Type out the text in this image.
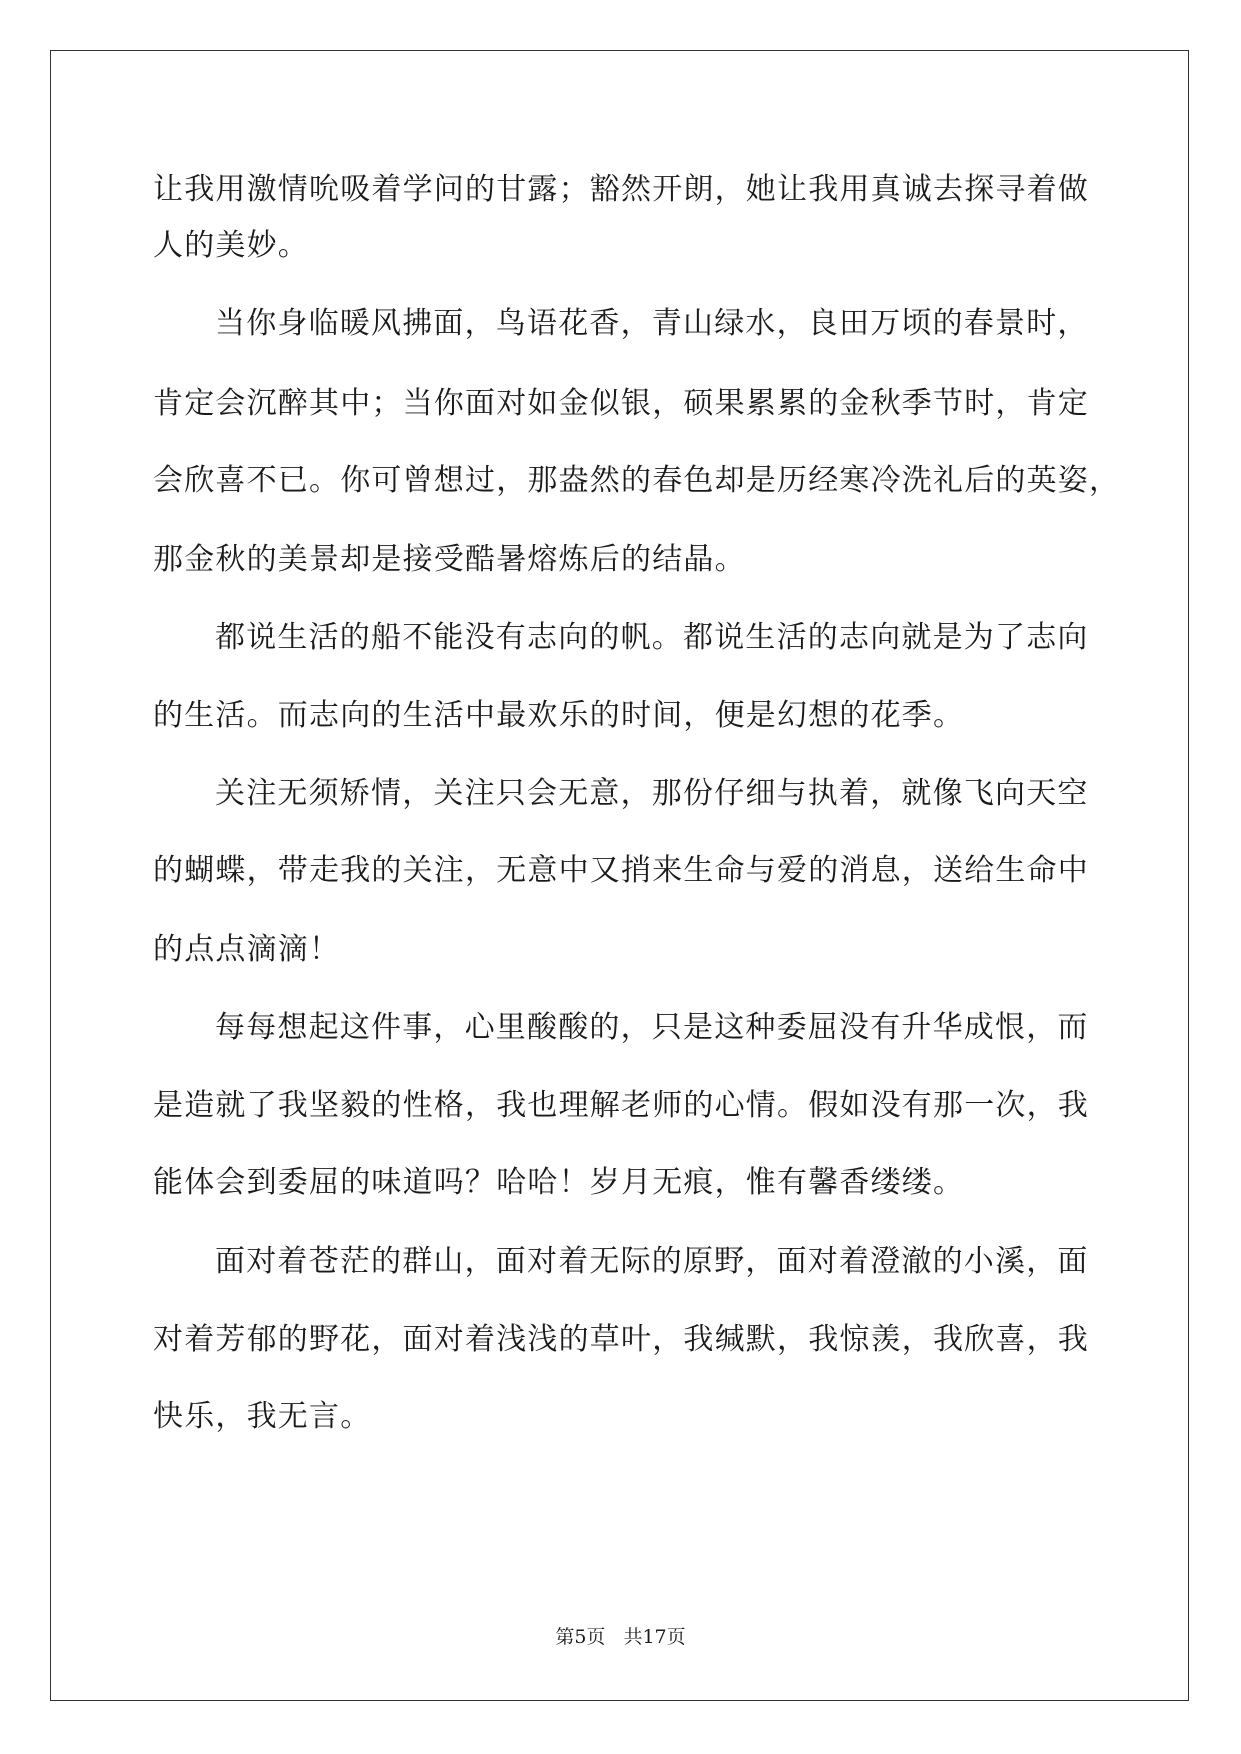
让我用激情吮吸着学问的甘露；豁然开朗，她让我用真诚去探寻着做
人的美妙。
当你身临暖风拂面，鸟语花香，青山绿水，良田万顷的春景时，
肯定会沉醉其中；当你面对如金似银，硕果累累的金秋季节时，肯定
会欣喜不已。你可曾想过，那盎然的春色却是历经寒冷洗礼后的英姿，
那金秋的美景却是接受酷暑熔炼后的结晶。
都说生活的船不能没有志向的帆。都说生活的志向就是为了志向
的生活。而志向的生活中最欢乐的时间，便是幻想的花季。
关注无须矫情，关注只会无意，那份仔细与执着，就像飞向天空
的蝴蝶，带走我的关注，无意中又捎来生命与爱的消息，送给生命中
的点点滴滴！
每每想起这件事，心里酸酸的，只是这种委屈没有升华成恨，而
是造就了我坚毅的性格，我也理解老师的心情。假如没有那一次，我
能体会到委屈的味道吗？哈哈！岁月无痕，惟有馨香缕缕。
面对着苍茫的群山，面对着无际的原野，面对着澄澈的小溪，面
对着芳郁的野花，面对着浅浅的草叶，我缄默，我惊羡，我欣喜，我
快乐，我无言。
第5页 共17页
